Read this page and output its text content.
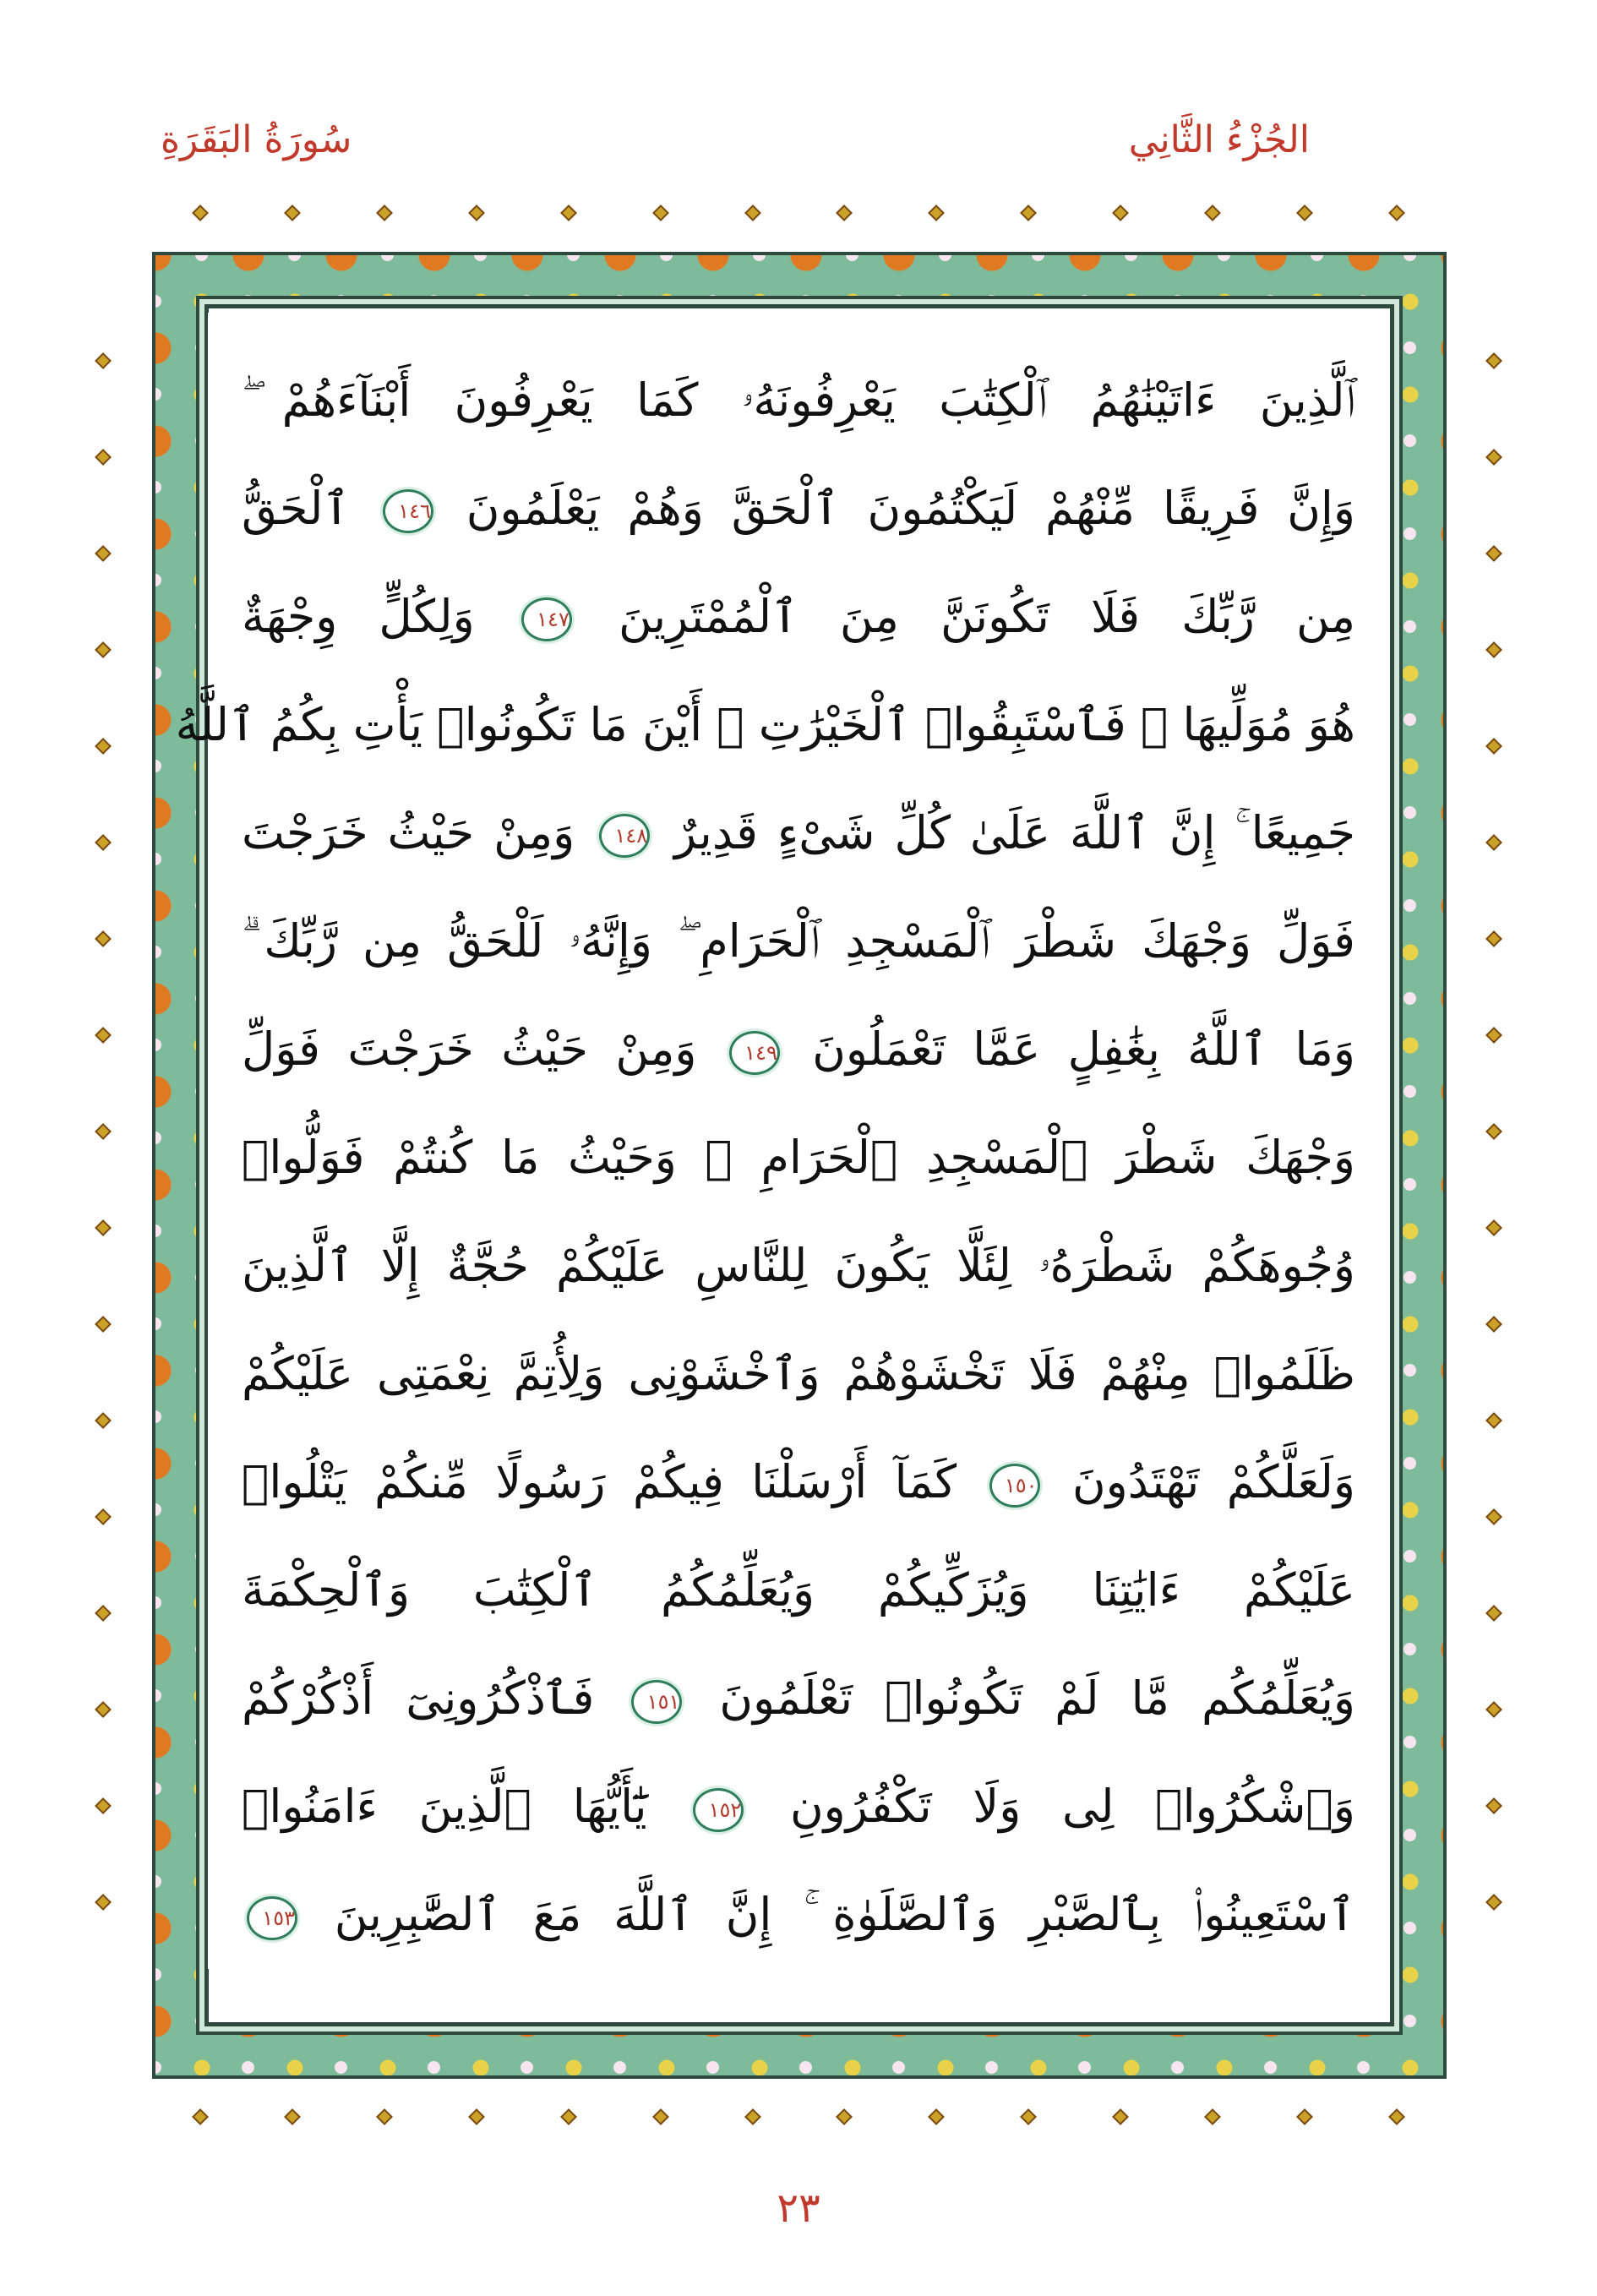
الجُزْءُ الثَّانِي
سُورَةُ البَقَرَةِ
ٱلَّذِينَ ءَاتَيْنَٰهُمُ ٱلْكِتَٰبَ يَعْرِفُونَهُۥ كَمَا يَعْرِفُونَ أَبْنَآءَهُمْ ۖ
وَإِنَّ فَرِيقًا مِّنْهُمْ لَيَكْتُمُونَ ٱلْحَقَّ وَهُمْ يَعْلَمُونَ ١٤٦ ٱلْحَقُّ
مِن رَّبِّكَ فَلَا تَكُونَنَّ مِنَ ٱلْمُمْتَرِينَ ١٤٧ وَلِكُلٍّ وِجْهَةٌ
هُوَ مُوَلِّيهَا ۖ فَٱسْتَبِقُوا۟ ٱلْخَيْرَٰتِ ۚ أَيْنَ مَا تَكُونُوا۟ يَأْتِ بِكُمُ ٱللَّهُ
جَمِيعًا ۚ إِنَّ ٱللَّهَ عَلَىٰ كُلِّ شَىْءٍ قَدِيرٌ ١٤٨ وَمِنْ حَيْثُ خَرَجْتَ
فَوَلِّ وَجْهَكَ شَطْرَ ٱلْمَسْجِدِ ٱلْحَرَامِ ۖ وَإِنَّهُۥ لَلْحَقُّ مِن رَّبِّكَ ۗ
وَمَا ٱللَّهُ بِغَٰفِلٍ عَمَّا تَعْمَلُونَ ١٤٩ وَمِنْ حَيْثُ خَرَجْتَ فَوَلِّ
وَجْهَكَ شَطْرَ ٱلْمَسْجِدِ ٱلْحَرَامِ ۚ وَحَيْثُ مَا كُنتُمْ فَوَلُّوا۟
وُجُوهَكُمْ شَطْرَهُۥ لِئَلَّا يَكُونَ لِلنَّاسِ عَلَيْكُمْ حُجَّةٌ إِلَّا ٱلَّذِينَ
ظَلَمُوا۟ مِنْهُمْ فَلَا تَخْشَوْهُمْ وَٱخْشَوْنِى وَلِأُتِمَّ نِعْمَتِى عَلَيْكُمْ
وَلَعَلَّكُمْ تَهْتَدُونَ ١٥٠ كَمَآ أَرْسَلْنَا فِيكُمْ رَسُولًا مِّنكُمْ يَتْلُوا۟
عَلَيْكُمْ ءَايَٰتِنَا وَيُزَكِّيكُمْ وَيُعَلِّمُكُمُ ٱلْكِتَٰبَ وَٱلْحِكْمَةَ
وَيُعَلِّمُكُم مَّا لَمْ تَكُونُوا۟ تَعْلَمُونَ ١٥١ فَٱذْكُرُونِىٓ أَذْكُرْكُمْ
وَٱشْكُرُوا۟ لِى وَلَا تَكْفُرُونِ ١٥٢ يَٰٓأَيُّهَا ٱلَّذِينَ ءَامَنُوا۟
ٱسْتَعِينُوا۟ بِٱلصَّبْرِ وَٱلصَّلَوٰةِ ۚ إِنَّ ٱللَّهَ مَعَ ٱلصَّٰبِرِينَ ١٥٣
٢٣
